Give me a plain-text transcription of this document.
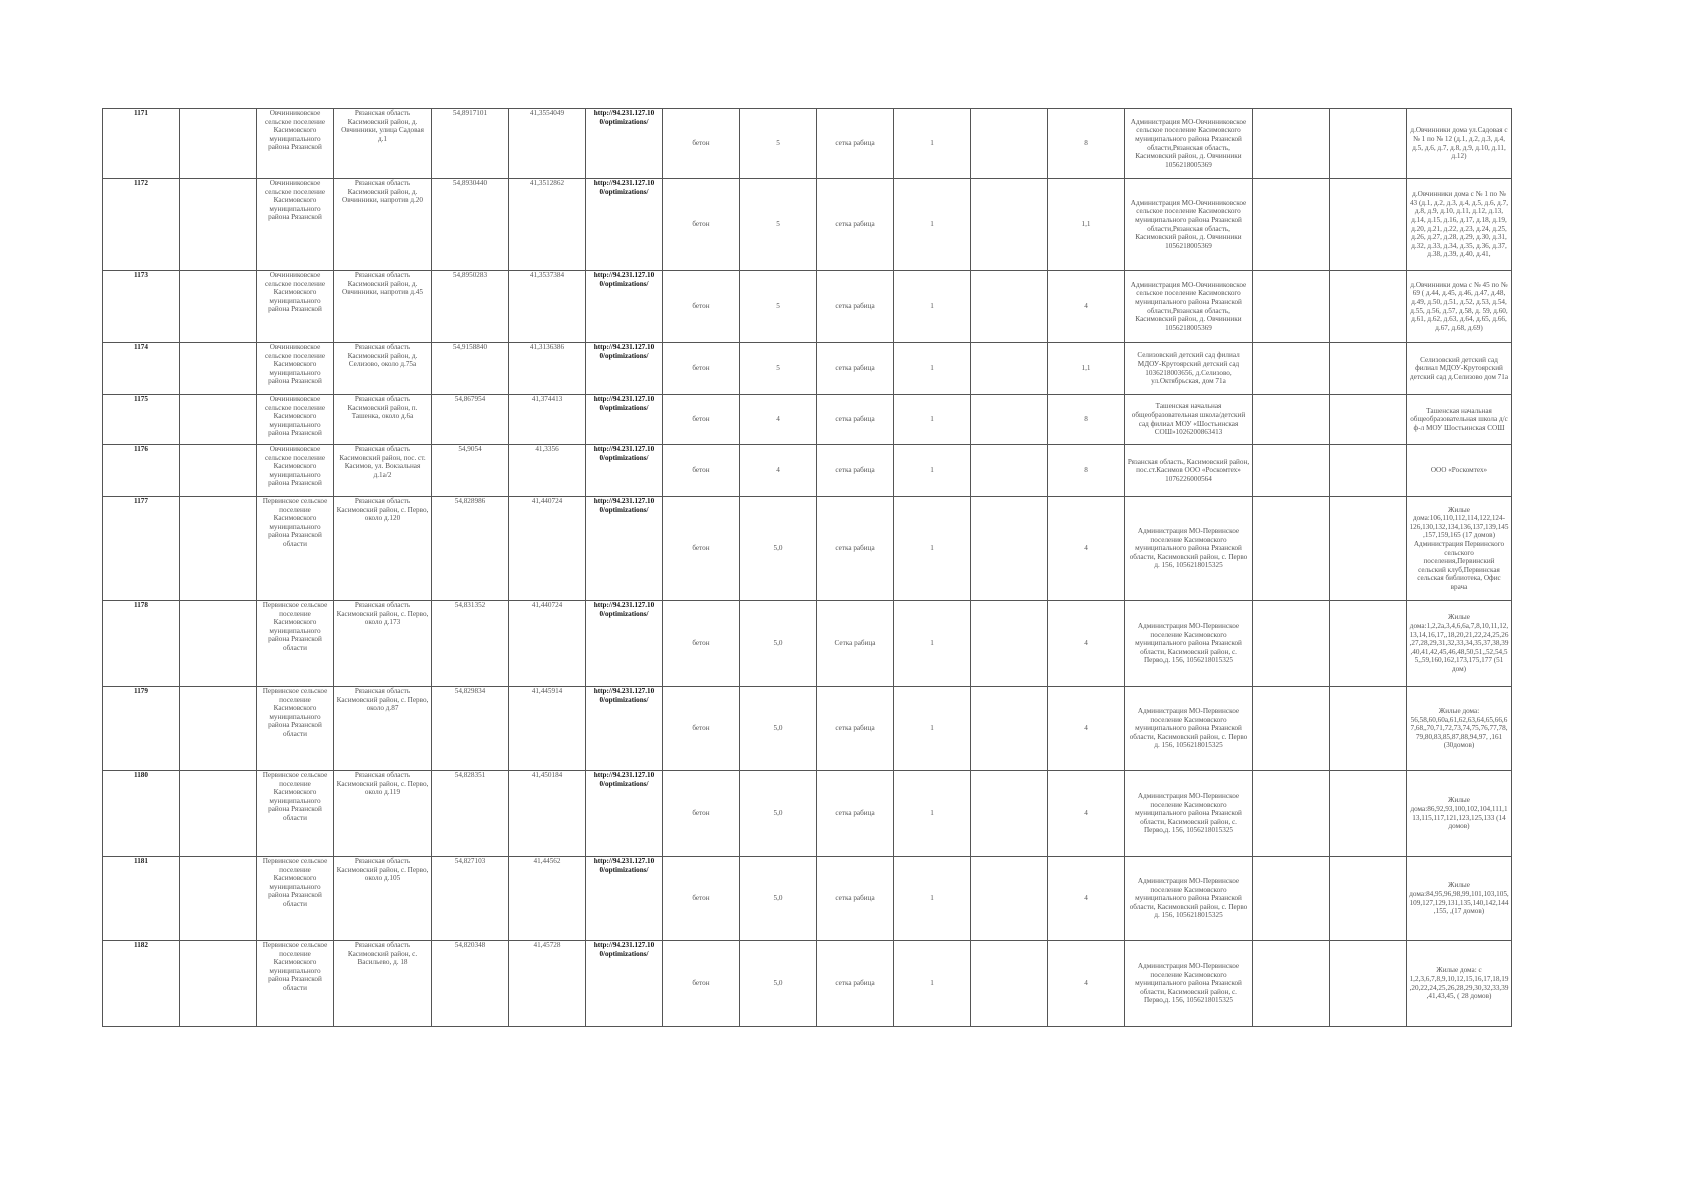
1171		Овчинниковское сельское поселение Касимовского муниципального района Рязанской	Рязанская область Касимовский район, д. Овчинники, улица Садовая д.1	54,8917101	41,3554049	http://94.231.127.10 0/optimizations/	бетон	5	сетка рабица	1		8	Администрация МО-Овчинниковское сельское поселение Касимовского муниципального района Рязанской области,Рязанская область, Касимовский район, д. Овчинники 1056218005369			д.Овчинники дома ул.Садовая с № 1 по № 12 (д.1, д.2, д.3, д.4, д.5, д.6, д.7, д.8, д.9, д.10, д.11, д.12)
1172		Овчинниковское сельское поселение Касимовского муниципального района Рязанской	Рязанская область Касимовский район, д. Овчинники, напротив д.20	54,8930440	41,3512862	http://94.231.127.10 0/optimizations/	бетон	5	сетка рабица	1		1,1	Администрация МО-Овчинниковское сельское поселение Касимовского муниципального района Рязанской области,Рязанская область, Касимовский район, д. Овчинники 1056218005369			д.Овчинники дома с № 1 по № 43 (д.1, д.2, д.3, д.4, д.5, д.6, д.7, д.8, д.9, д.10, д.11, д.12, д.13, д.14, д.15, д.16, д.17, д.18, д.19, д.20, д.21, д.22, д.23, д.24, д.25, д.26, д.27, д.28, д.29, д.30, д.31, д.32, д.33, д.34, д.35, д.36, д.37, д.38, д.39, д.40, д.41,
1173		Овчинниковское сельское поселение Касимовского муниципального района Рязанской	Рязанская область Касимовский район, д. Овчинники, напротив д.45	54,8950283	41,3537384	http://94.231.127.10 0/optimizations/	бетон	5	сетка рабица	1		4	Администрация МО-Овчинниковское сельское поселение Касимовского муниципального района Рязанской области,Рязанская область, Касимовский район, д. Овчинники 1056218005369			д.Овчинники дома с № 45 по № 69 ( д.44, д.45, д.46, д.47, д.48, д.49, д.50, д.51, д.52, д.53, д.54, д.55, д.56, д.57, д.58, д. 59, д.60, д.61, д.62, д.63, д.64, д.65, д.66, д.67, д.68, д.69)
1174		Овчинниковское сельское поселение Касимовского муниципального района Рязанской	Рязанская область Касимовский район, д. Селизово, около д.75а	54,9158840	41,3136386	http://94.231.127.10 0/optimizations/	бетон	5	сетка рабица	1		1,1	Селизовский детский сад филиал МДОУ-Крутоярский детский сад 1036218003656, д.Селизово, ул.Октябрьская, дом 71а			Селизовский детский сад филиал МДОУ-Крутоярский детский сад д.Селизово дом 71а
1175		Овчинниковское сельское поселение Касимовского муниципального района Рязанской	Рязанская область Касимовский район, п. Ташенка, около д.6а	54,867954	41,374413	http://94.231.127.10 0/optimizations/	бетон	4	сетка рабица	1		8	Ташенская начальная общеобразовательная школа/детский сад филиал МОУ «Шостьинская СОШ»1026200863413			Ташенская начальная общеобразовательная школа д/с ф-л МОУ Шостьинская СОШ
1176		Овчинниковское сельское поселение Касимовского муниципального района Рязанской	Рязанская область Касимовский район, пос. ст. Касимов, ул. Вокзальная д.1а/2	54,9054	41,3356	http://94.231.127.10 0/optimizations/	бетон	4	сетка рабица	1		8	Рязанская область, Касимовский район, пос.ст.Касимов ООО «Роскомтех» 1076226000564			ООО «Роскомтех»
1177		Первинское сельское поселение Касимовского муниципального района Рязанской области	Рязанская область Касимовский район, с. Перво, около д.120	54,828986	41,440724	http://94.231.127.10 0/optimizations/	бетон	5,0	сетка рабица	1		4	Администрация МО-Первинское поселение Касимовского муниципального района Рязанской области, Касимовский район, с. Перво д. 156, 1056218015325			Жилые дома:106,110,112,114,122,124-126,130,132,134,136,137,139,145,157,159,165 (17 домов) Администрация Первинского сельского поселения,Первинский сельский клуб,Первинская сельская библиотека, Офис врача
1178		Первинское сельское поселение Касимовского муниципального района Рязанской области	Рязанская область Касимовский район, с. Перво, около д.173	54,831352	41,440724	http://94.231.127.10 0/optimizations/	бетон	5,0	Сетка рабица	1		4	Администрация МО-Первинское поселение Касимовского муниципального района Рязанской области, Касимовский район, с. Перво,д. 156, 1056218015325			Жилые дома:1,2,2а,3,4,6,6а,7,8,10,11,12,13,14,16,17,,18,20,21,22,24,25,26,27,28,29,31,32,33,34,35,37,38,39,40,41,42,45,46,48,50,51,,52,54,55,,59,160,162,173,175,177 (51 дом)
1179		Первинское сельское поселение Касимовского муниципального района Рязанской области	Рязанская область Касимовский район, с. Перво, около д.87	54,829834	41,445914	http://94.231.127.10 0/optimizations/	бетон	5,0	сетка рабица	1		4	Администрация МО-Первинское поселение Касимовского муниципального района Рязанской области, Касимовский район, с. Перво д. 156, 1056218015325			Жилые дома: 56,58,60,60а,61,62,63,64,65,66,67,68,,70,71,72,73,74,75,76,77,78,79,80,83,85,87,88,94,97, ,161 (30домов)
1180		Первинское сельское поселение Касимовского муниципального района Рязанской области	Рязанская область Касимовский район, с. Перво, около д.119	54,828351	41,450184	http://94.231.127.10 0/optimizations/	бетон	5,0	сетка рабица	1		4	Администрация МО-Первинское поселение Касимовского муниципального района Рязанской области, Касимовский район, с. Перво,д. 156, 1056218015325			Жилые дома:86,92,93,100,102,104,111,113,115,117,121,123,125,133 (14 домов)
1181		Первинское сельское поселение Касимовского муниципального района Рязанской области	Рязанская область Касимовский район, с. Перво, около д.105	54,827103	41,44562	http://94.231.127.10 0/optimizations/	бетон	5,0	сетка рабица	1		4	Администрация МО-Первинское поселение Касимовского муниципального района Рязанской области, Касимовский район, с. Перво д. 156, 1056218015325			Жилые дома:84,95,96,98,99,101,103,105,109,127,129,131,135,140,142,144,155, ,(17 домов)
1182		Первинское сельское поселение Касимовского муниципального района Рязанской области	Рязанская область Касимовский район, с. Васильево, д. 18	54,820348	41,45728	http://94.231.127.10 0/optimizations/	бетон	5,0	сетка рабица	1		4	Администрация МО-Первинское поселение Касимовского муниципального района Рязанской области, Касимовский район, с. Перво,д. 156, 1056218015325			Жилые дома: с 1,2,3,6,7,8,9,10,12,15,16,17,18,19,20,22,24,25,26,28,29,30,32,33,39,41,43,45, ( 28 домов)
